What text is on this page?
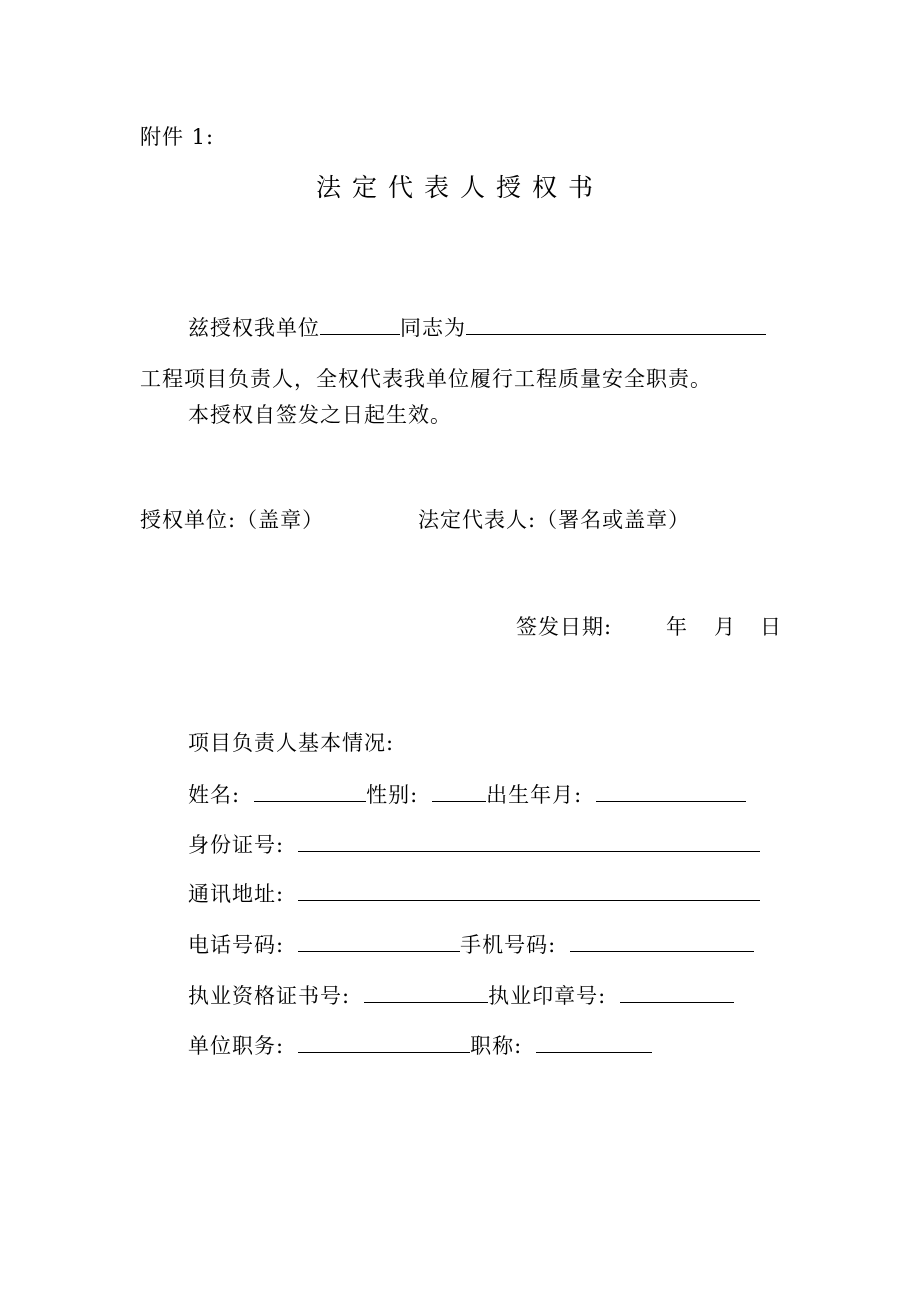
附件 1:
法定代表人授权书
兹授权我单位	同志为
工程项目负责人，全权代表我单位履行工程质量安全职责。
本授权自签发之日起生效。
授权单位:（盖章）	法定代表人:（署名或盖章）
签发日期:	年 月 日
项目负责人基本情况:
姓名:	性别:	出生年月:
身份证号:
通讯地址:
电话号码:	手机号码:
执业资格证书号:	执业印章号:
单位职务:	职称:
